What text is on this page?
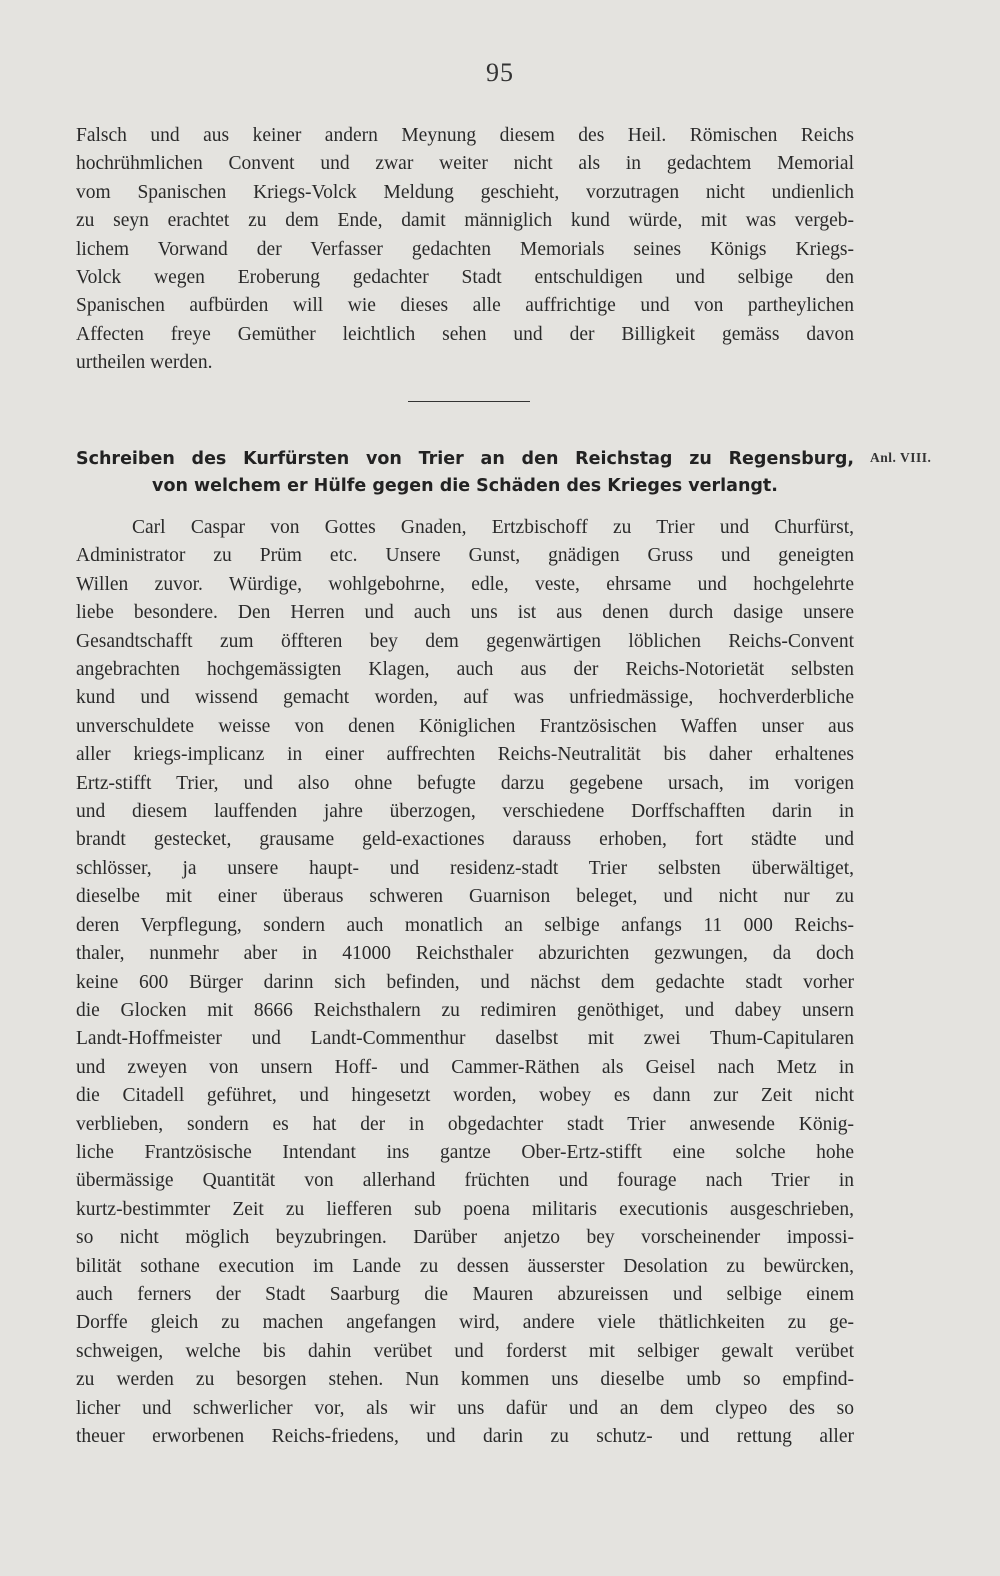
95
Falsch und aus keiner andern Meynung diesem des Heil. Römischen Reichs
hochrühmlichen Convent und zwar weiter nicht als in gedachtem Memorial
vom Spanischen Kriegs-Volck Meldung geschieht, vorzutragen nicht undienlich
zu seyn erachtet zu dem Ende, damit männiglich kund würde, mit was vergeb-
lichem Vorwand der Verfasser gedachten Memorials seines Königs Kriegs-
Volck wegen Eroberung gedachter Stadt entschuldigen und selbige den
Spanischen aufbürden will wie dieses alle auffrichtige und von partheylichen
Affecten freye Gemüther leichtlich sehen und der Billigkeit gemäss davon
urtheilen werden.
Schreiben des Kurfürsten von Trier an den Reichstag zu Regensburg,
von welchem er Hülfe gegen die Schäden des Krieges verlangt.
Anl. VIII.
Carl Caspar von Gottes Gnaden, Ertzbischoff zu Trier und Churfürst,
Administrator zu Prüm etc. Unsere Gunst, gnädigen Gruss und geneigten
Willen zuvor. Würdige, wohlgebohrne, edle, veste, ehrsame und hochgelehrte
liebe besondere. Den Herren und auch uns ist aus denen durch dasige unsere
Gesandtschafft zum öffteren bey dem gegenwärtigen löblichen Reichs-Convent
angebrachten hochgemässigten Klagen, auch aus der Reichs-Notorietät selbsten
kund und wissend gemacht worden, auf was unfriedmässige, hochverderbliche
unverschuldete weisse von denen Königlichen Frantzösischen Waffen unser aus
aller kriegs-implicanz in einer auffrechten Reichs-Neutralität bis daher erhaltenes
Ertz-stifft Trier, und also ohne befugte darzu gegebene ursach, im vorigen
und diesem lauffenden jahre überzogen, verschiedene Dorffschafften darin in
brandt gestecket, grausame geld-exactiones darauss erhoben, fort städte und
schlösser, ja unsere haupt- und residenz-stadt Trier selbsten überwältiget,
dieselbe mit einer überaus schweren Guarnison beleget, und nicht nur zu
deren Verpflegung, sondern auch monatlich an selbige anfangs 11 000 Reichs-
thaler, nunmehr aber in 41000 Reichsthaler abzurichten gezwungen, da doch
keine 600 Bürger darinn sich befinden, und nächst dem gedachte stadt vorher
die Glocken mit 8666 Reichsthalern zu redimiren genöthiget, und dabey unsern
Landt-Hoffmeister und Landt-Commenthur daselbst mit zwei Thum-Capitularen
und zweyen von unsern Hoff- und Cammer-Räthen als Geisel nach Metz in
die Citadell geführet, und hingesetzt worden, wobey es dann zur Zeit nicht
verblieben, sondern es hat der in obgedachter stadt Trier anwesende König-
liche Frantzösische Intendant ins gantze Ober-Ertz-stifft eine solche hohe
übermässige Quantität von allerhand früchten und fourage nach Trier in
kurtz-bestimmter Zeit zu liefferen sub poena militaris executionis ausgeschrieben,
so nicht möglich beyzubringen. Darüber anjetzo bey vorscheinender impossi-
bilität sothane execution im Lande zu dessen äusserster Desolation zu bewürcken,
auch ferners der Stadt Saarburg die Mauren abzureissen und selbige einem
Dorffe gleich zu machen angefangen wird, andere viele thätlichkeiten zu ge-
schweigen, welche bis dahin verübet und forderst mit selbiger gewalt verübet
zu werden zu besorgen stehen. Nun kommen uns dieselbe umb so empfind-
licher und schwerlicher vor, als wir uns dafür und an dem clypeo des so
theuer erworbenen Reichs-friedens, und darin zu schutz- und rettung aller
